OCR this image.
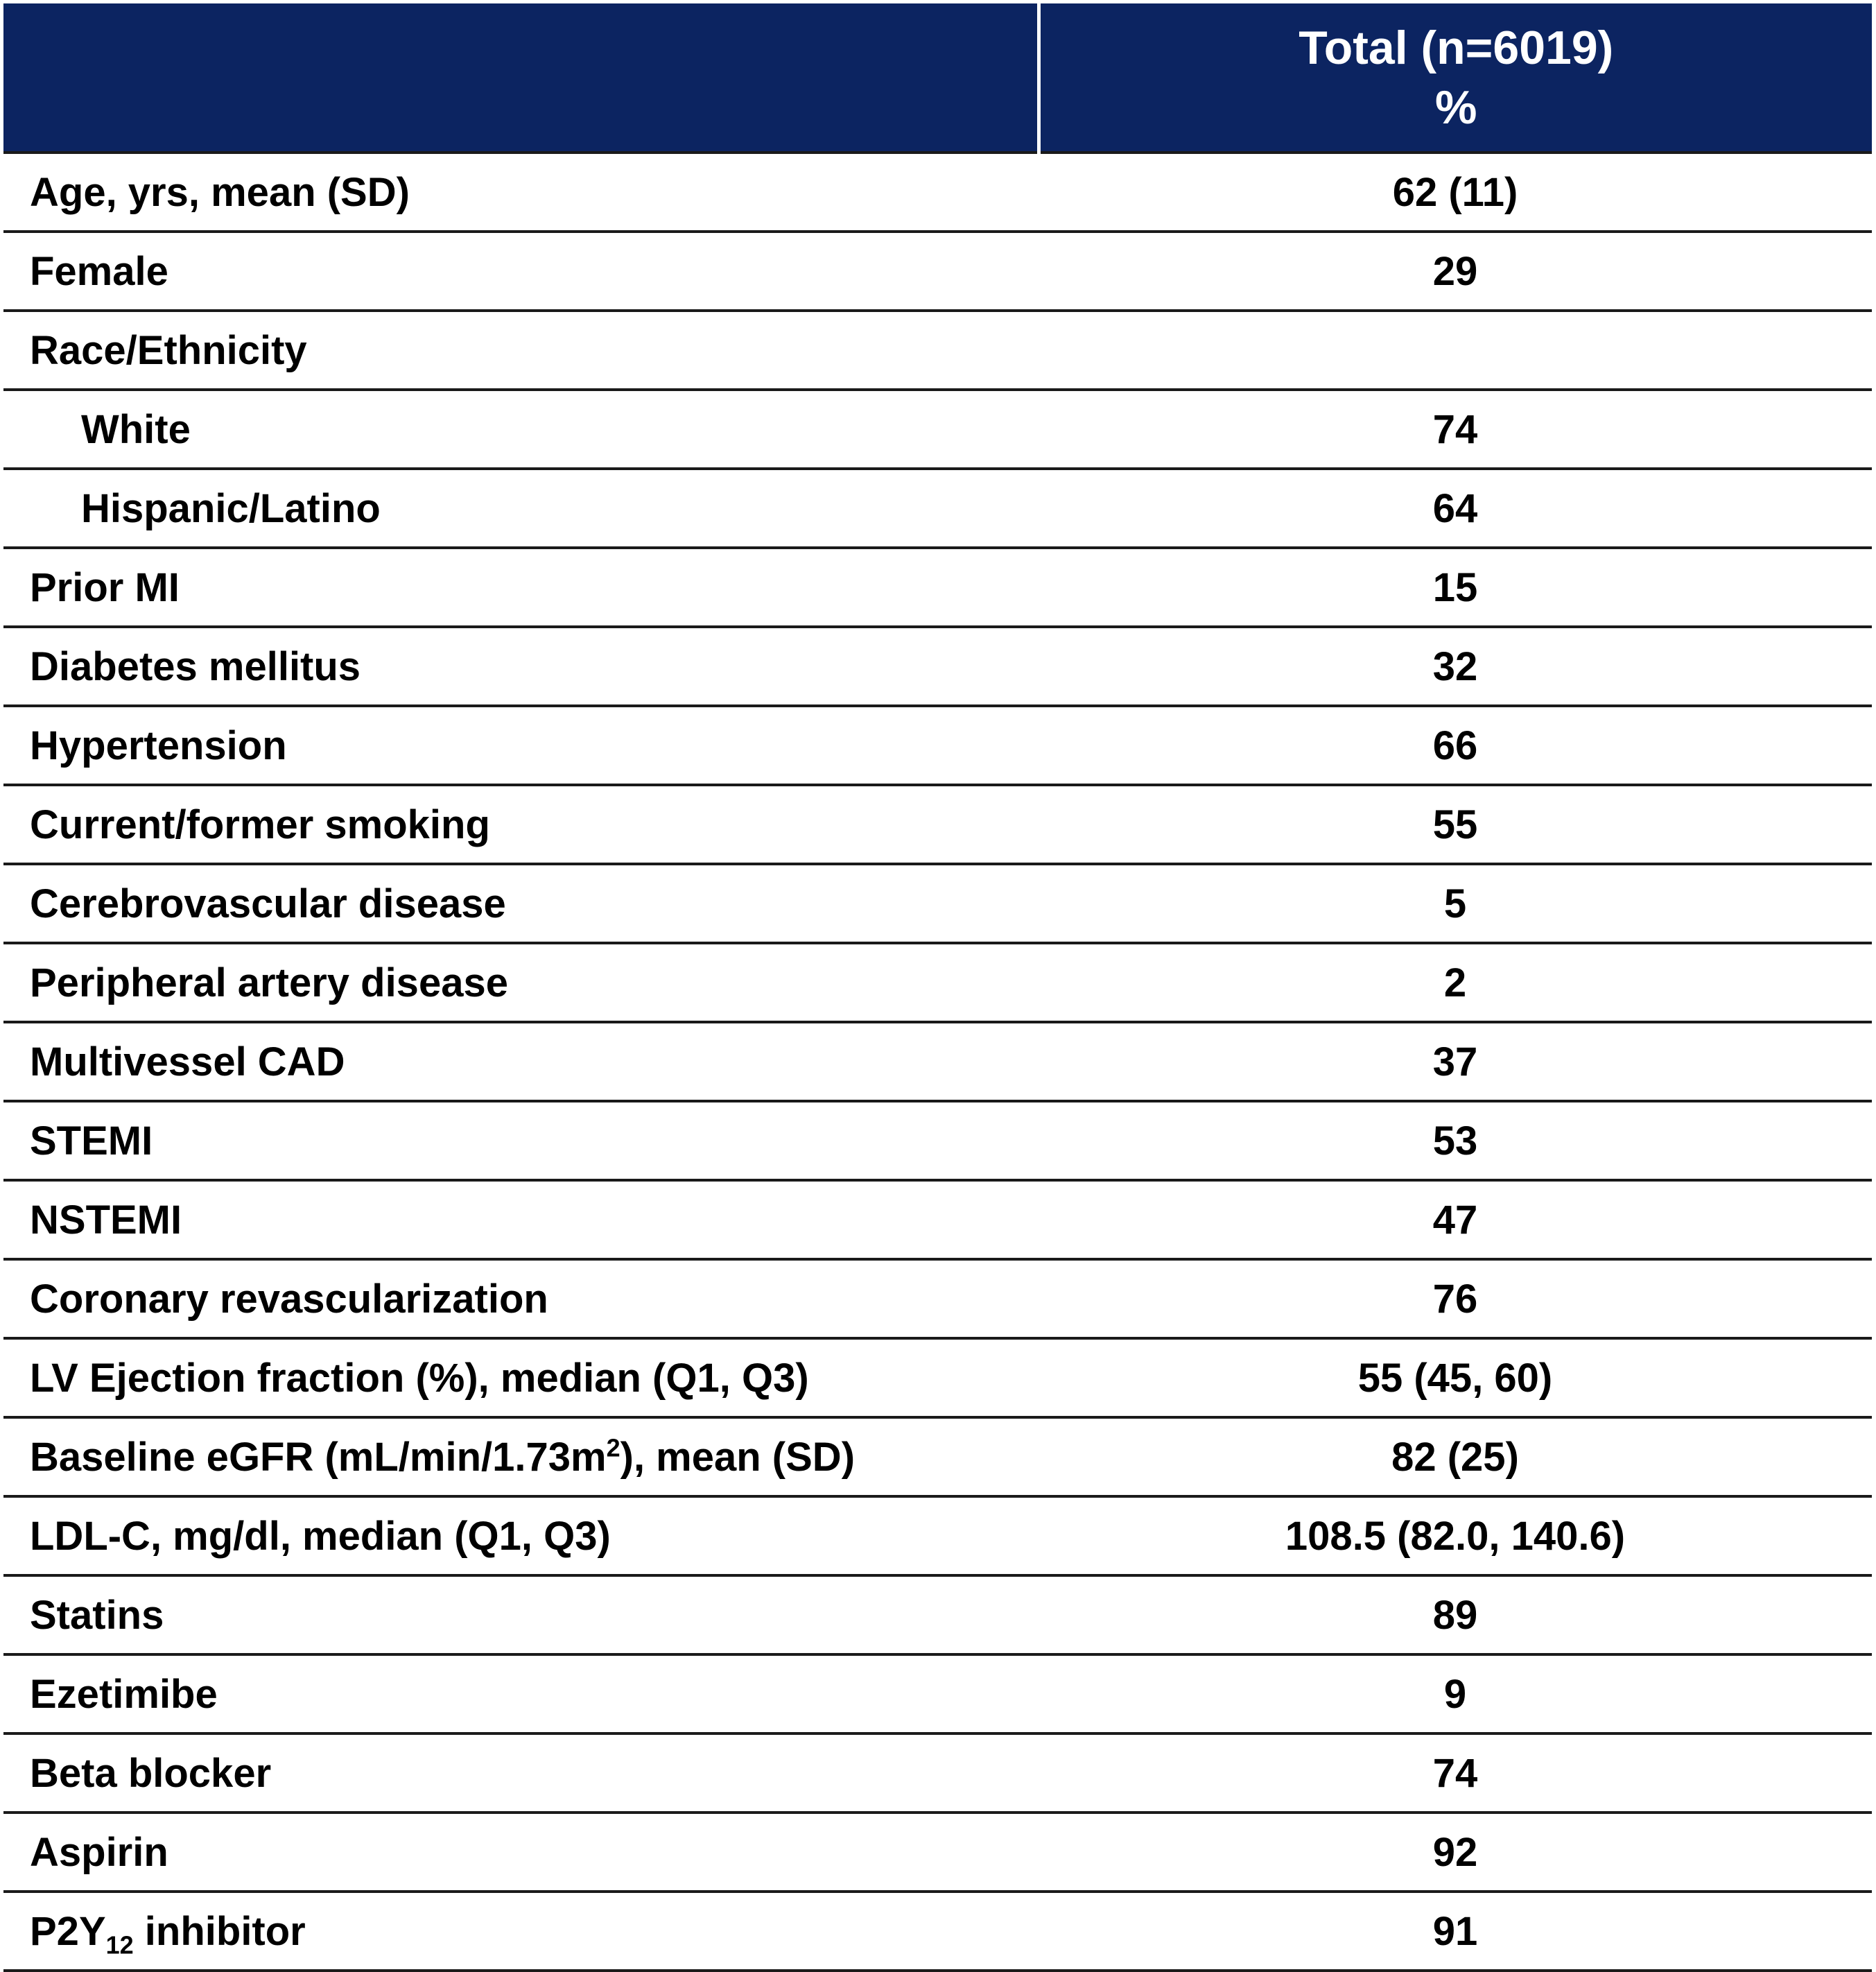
	Total (n=6019)
%

Age, yrs, mean (SD)	62 (11)
Female	29
Race/Ethnicity	
White	74
Hispanic/Latino	64
Prior MI	15
Diabetes mellitus	32
Hypertension	66
Current/former smoking	55
Cerebrovascular disease	5
Peripheral artery disease	2
Multivessel CAD	37
STEMI	53
NSTEMI	47
Coronary revascularization	76
LV Ejection fraction (%), median (Q1, Q3)	55 (45, 60)
Baseline eGFR $(mL/\min/1.73m^2)$, mean (SD)	82 (25)
LDL-C, mg/dl, median (Q1, Q3)	108.5 (82.0, 140.6)
Statins	89
Ezetimibe	9
Beta blocker	74
Aspirin	92
$P2Y_{12}$ inhibitor	91
